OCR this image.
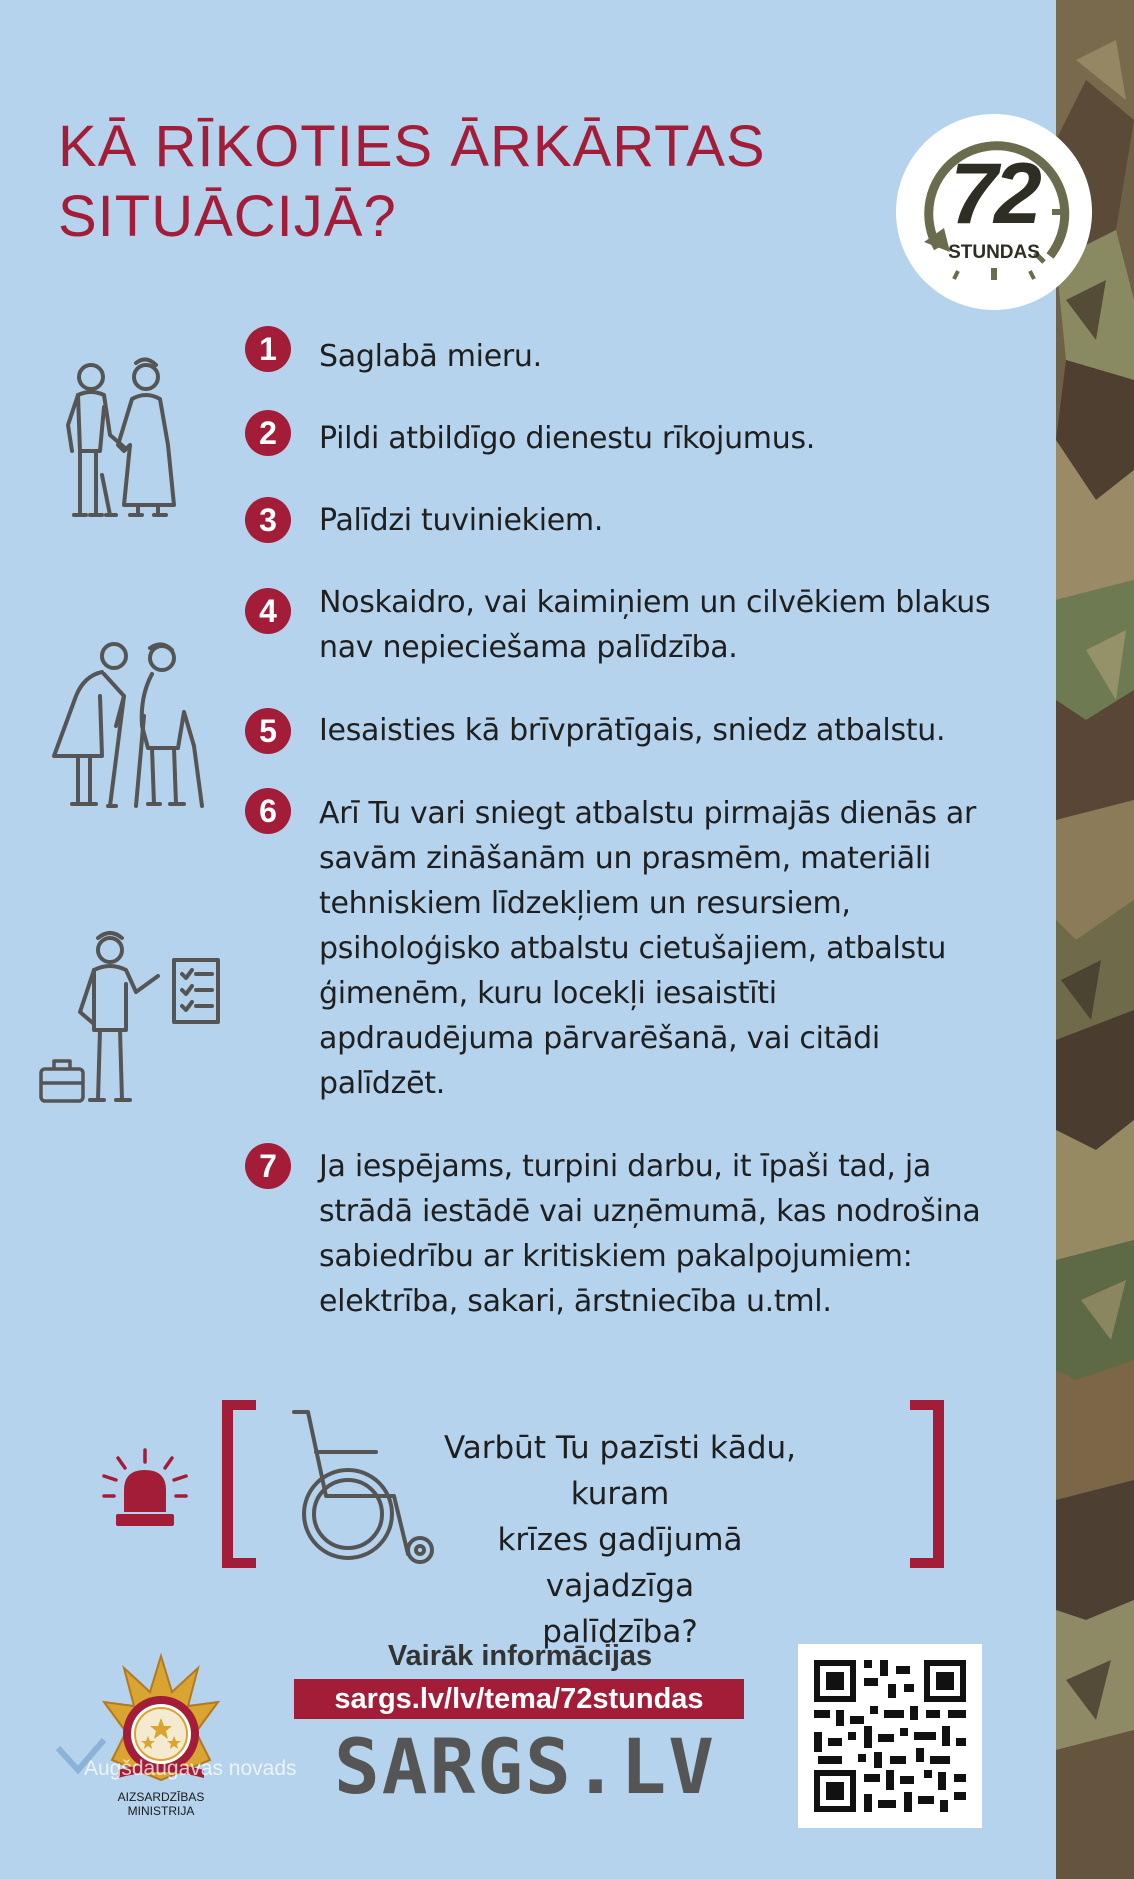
KĀ RĪKOTIES ĀRKĀRTAS
SITUĀCIJĀ?	72
STUNDAS
1	Saglabā mieru.
2	Pildi atbildīgo dienestu rīkojumus.
3	Palīdzi tuviniekiem.
4	Noskaidro, vai kaimiņiem un cilvēkiem blakus
nav nepieciešama palīdzība.
5	Iesaisties kā brīvprātīgais, sniedz atbalstu.
6	Arī Tu vari sniegt atbalstu pirmajās dienās ar
savām zināšanām un prasmēm, materiāli
tehniskiem līdzekļiem un resursiem,
psiholoģisko atbalstu cietušajiem, atbalstu
ģimenēm, kuru locekļi iesaistīti
apdraudējuma pārvarēšanā, vai citādi
palīdzēt.
7	Ja iespējams, turpini darbu, it īpaši tad, ja
strādā iestādē vai uzņēmumā, kas nodrošina
sabiedrību ar kritiskiem pakalpojumiem:
elektrība, sakari, ārstniecība u.tml.
Varbūt Tu pazīsti kādu, kuram
krīzes gadījumā vajadzīga
palīdzība?
AIZSARDZĪBAS
MINISTRIJA
Augšdaugavas novads
Vairāk informācijas
sargs.lv/lv/tema/72stundas
SARGS.LV
